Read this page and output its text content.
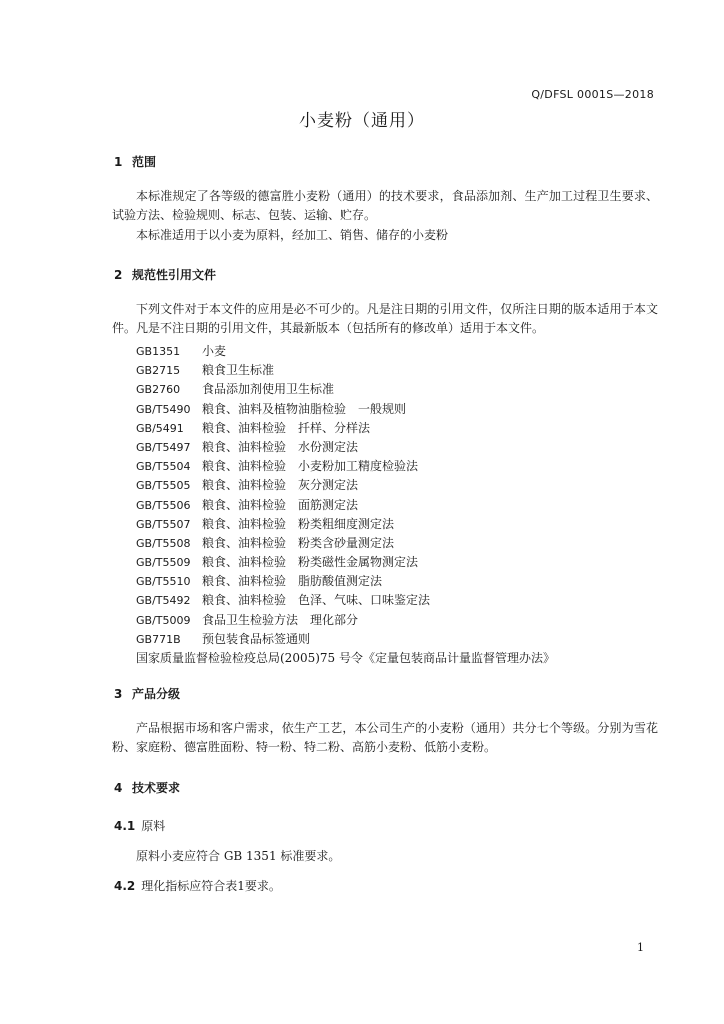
Q/DFSL 0001S—2018
小麦粉（通用）
1 范围
本标准规定了各等级的德富胜小麦粉（通用）的技术要求，食品添加剂、生产加工过程卫生要求、试验方法、检验规则、标志、包装、运输、贮存。
本标准适用于以小麦为原料，经加工、销售、储存的小麦粉
2 规范性引用文件
下列文件对于本文件的应用是必不可少的。凡是注日期的引用文件，仅所注日期的版本适用于本文件。凡是不注日期的引用文件，其最新版本（包括所有的修改单）适用于本文件。
GB1351 小麦
GB2715 粮食卫生标准
GB2760 食品添加剂使用卫生标准
GB/T5490 粮食、油料及植物油脂检验　一般规则
GB/5491 粮食、油料检验　扦样、分样法
GB/T5497 粮食、油料检验　水份测定法
GB/T5504 粮食、油料检验　小麦粉加工精度检验法
GB/T5505 粮食、油料检验　灰分测定法
GB/T5506 粮食、油料检验　面筋测定法
GB/T5507 粮食、油料检验　粉类粗细度测定法
GB/T5508 粮食、油料检验　粉类含砂量测定法
GB/T5509 粮食、油料检验　粉类磁性金属物测定法
GB/T5510 粮食、油料检验　脂肪酸值测定法
GB/T5492 粮食、油料检验　色泽、气味、口味鉴定法
GB/T5009 食品卫生检验方法　理化部分
GB771B 预包装食品标签通则
国家质量监督检验检疫总局(2005)75 号令《定量包装商品计量监督管理办法》
3 产品分级
产品根据市场和客户需求，依生产工艺，本公司生产的小麦粉（通用）共分七个等级。分别为雪花粉、家庭粉、德富胜面粉、特一粉、特二粉、高筋小麦粉、低筋小麦粉。
4 技术要求
4.1 原料
原料小麦应符合 GB 1351 标准要求。
4.2 理化指标应符合表1要求。
1
